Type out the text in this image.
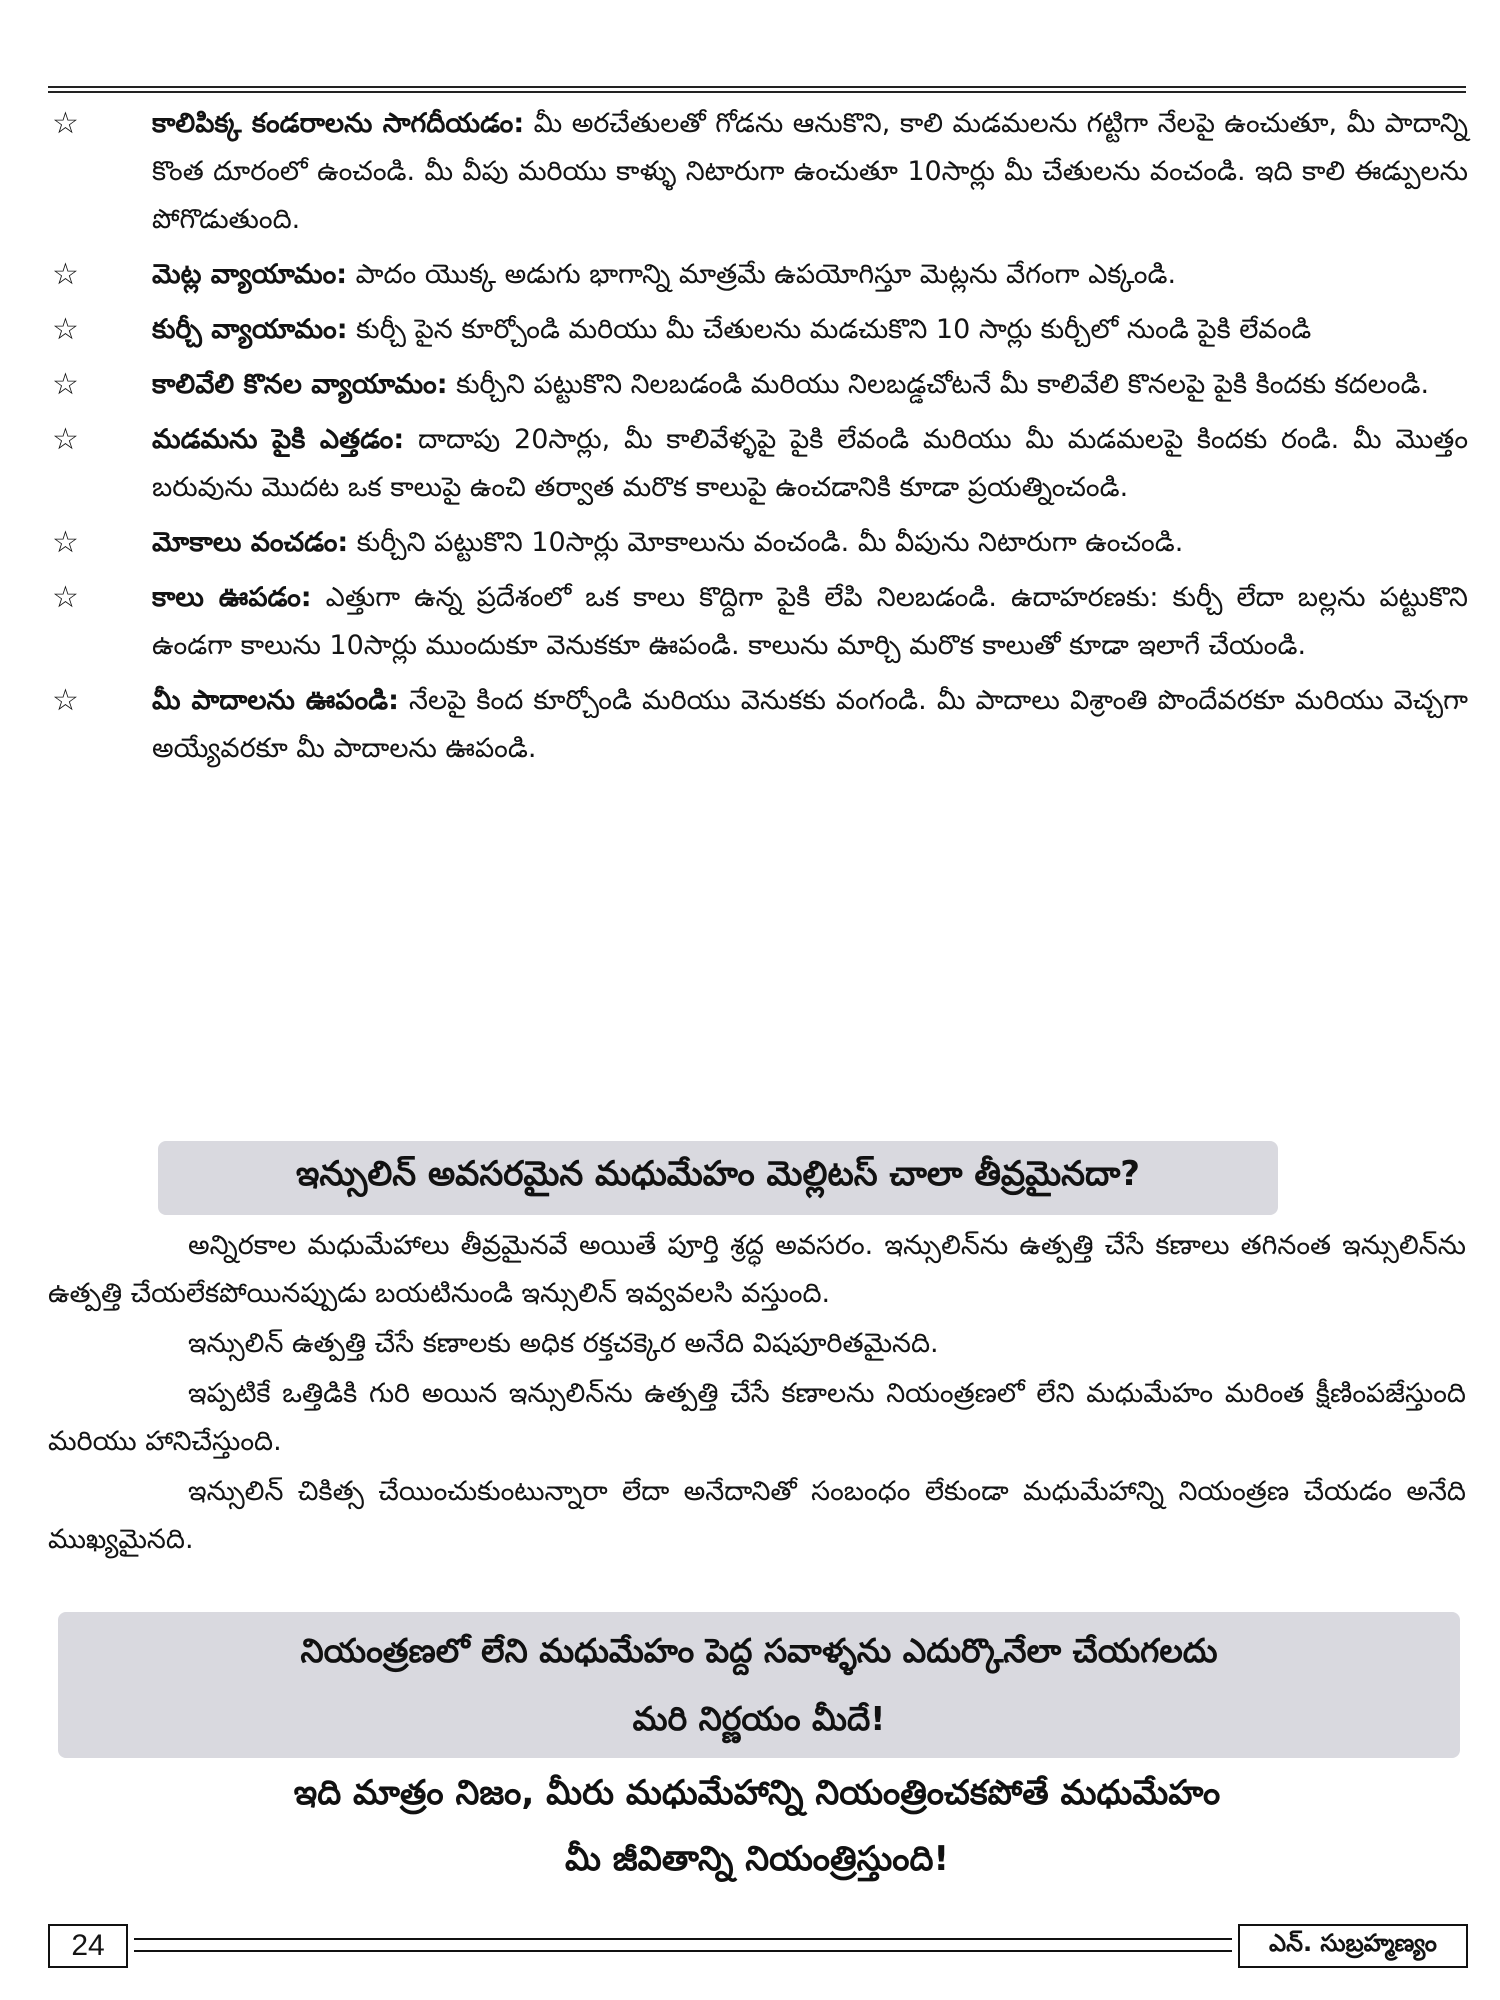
☆	కాలిపిక్క కండరాలను సాగదీయడం: మీ అరచేతులతో గోడను ఆనుకొని, కాలి మడమలను గట్టిగా నేలపై ఉంచుతూ, మీ పాదాన్ని కొంత దూరంలో ఉంచండి. మీ వీపు మరియు కాళ్ళు నిటారుగా ఉంచుతూ 10సార్లు మీ చేతులను వంచండి. ఇది కాలి ఈడ్పులను పోగొడుతుంది.

☆	మెట్ల వ్యాయామం: పాదం యొక్క అడుగు భాగాన్ని మాత్రమే ఉపయోగిస్తూ మెట్లను వేగంగా ఎక్కండి.

☆	కుర్చీ వ్యాయామం: కుర్చీ పైన కూర్చోండి మరియు మీ చేతులను మడచుకొని 10 సార్లు కుర్చీలో నుండి పైకి లేవండి

☆	కాలివేలి కొనల వ్యాయామం: కుర్చీని పట్టుకొని నిలబడండి మరియు నిలబడ్డచోటనే మీ కాలివేలి కొనలపై పైకి కిందకు కదలండి.

☆	మడమను పైకి ఎత్తడం: దాదాపు 20సార్లు, మీ కాలివేళ్ళపై పైకి లేవండి మరియు మీ మడమలపై కిందకు రండి. మీ మొత్తం బరువును మొదట ఒక కాలుపై ఉంచి తర్వాత మరొక కాలుపై ఉంచడానికి కూడా ప్రయత్నించండి.

☆	మోకాలు వంచడం: కుర్చీని పట్టుకొని 10సార్లు మోకాలును వంచండి. మీ వీపును నిటారుగా ఉంచండి.

☆	కాలు ఊపడం: ఎత్తుగా ఉన్న ప్రదేశంలో ఒక కాలు కొద్దిగా పైకి లేపి నిలబడండి. ఉదాహరణకు: కుర్చీ లేదా బల్లను పట్టుకొని ఉండగా కాలును 10సార్లు ముందుకూ వెనుకకూ ఊపండి. కాలును మార్చి మరొక కాలుతో కూడా ఇలాగే చేయండి.

☆	మీ పాదాలను ఊపండి: నేలపై కింద కూర్చోండి మరియు వెనుకకు వంగండి. మీ పాదాలు విశ్రాంతి పొందేవరకూ మరియు వెచ్చగా అయ్యేవరకూ మీ పాదాలను ఊపండి.

ఇన్సులిన్ అవసరమైన మధుమేహం మెల్లిటస్ చాలా తీవ్రమైనదా?

అన్నిరకాల మధుమేహాలు తీవ్రమైనవే అయితే పూర్తి శ్రద్ధ అవసరం. ఇన్సులిన్‌ను ఉత్పత్తి చేసే కణాలు తగినంత ఇన్సులిన్‌ను ఉత్పత్తి చేయలేకపోయినప్పుడు బయటినుండి ఇన్సులిన్ ఇవ్వవలసి వస్తుంది.

ఇన్సులిన్ ఉత్పత్తి చేసే కణాలకు అధిక రక్తచక్కెర అనేది విషపూరితమైనది.

ఇప్పటికే ఒత్తిడికి గురి అయిన ఇన్సులిన్‌ను ఉత్పత్తి చేసే కణాలను నియంత్రణలో లేని మధుమేహం మరింత క్షీణింపజేస్తుంది మరియు హానిచేస్తుంది.

ఇన్సులిన్ చికిత్స చేయించుకుంటున్నారా లేదా అనేదానితో సంబంధం లేకుండా మధుమేహాన్ని నియంత్రణ చేయడం అనేది ముఖ్యమైనది.

నియంత్రణలో లేని మధుమేహం పెద్ద సవాళ్ళను ఎదుర్కొనేలా చేయగలదు
మరి నిర్ణయం మీదే!
ఇది మాత్రం నిజం, మీరు మధుమేహాన్ని నియంత్రించకపోతే మధుమేహం
మీ జీవితాన్ని నియంత్రిస్తుంది!
24	ఎన్. సుబ్రహ్మణ్యం
